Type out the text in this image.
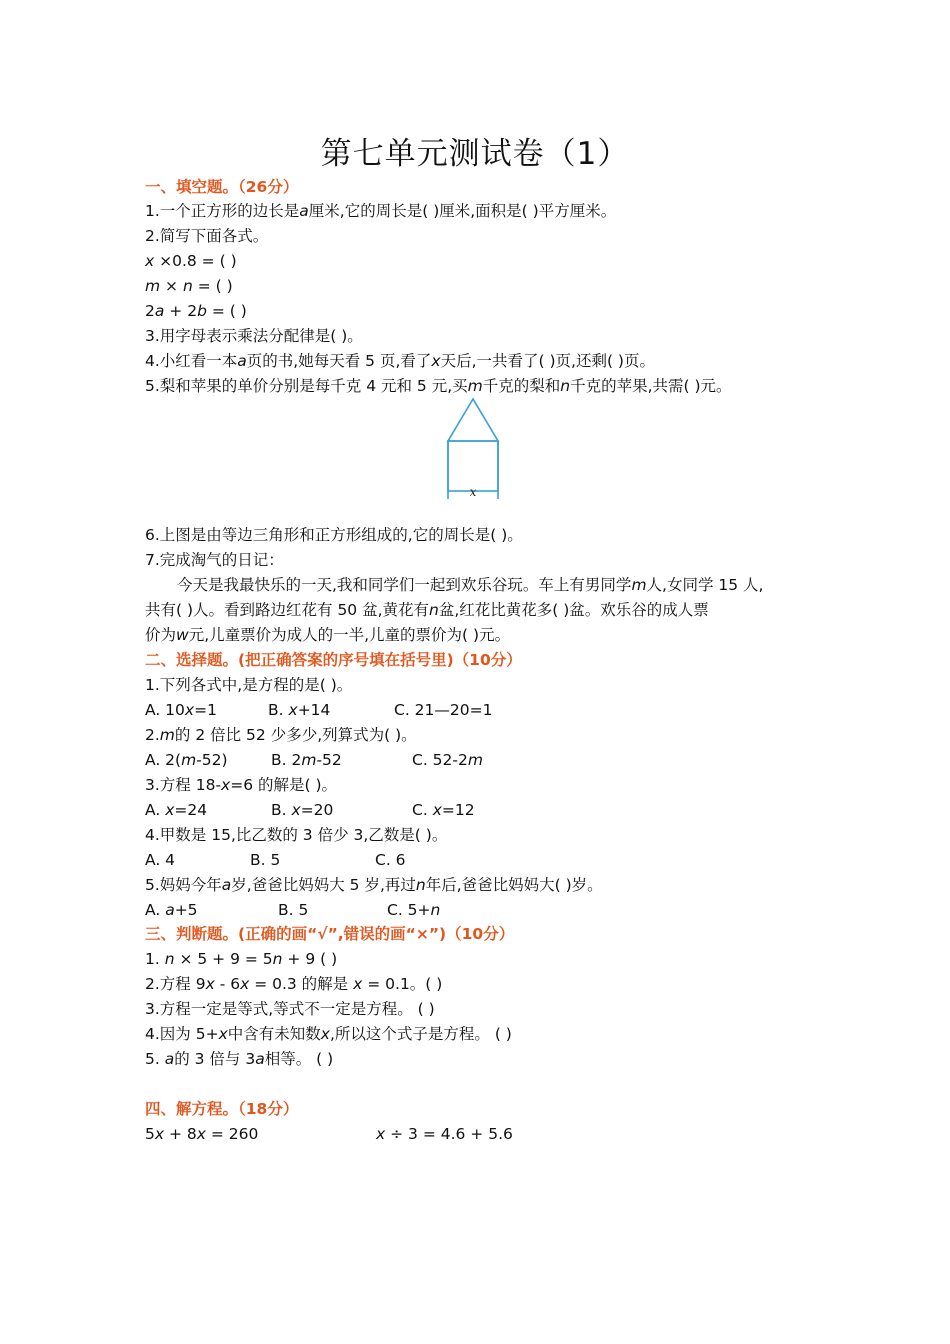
第七单元测试卷（1）
一、填空题。（26分）
1.一个正方形的边长是a厘米,它的周长是( )厘米,面积是( )平方厘米。
2.简写下面各式。
x ×0.8 = ( )
m × n = ( )
2a + 2b = ( )
3.用字母表示乘法分配律是( )。
4.小红看一本a页的书,她每天看 5 页,看了x天后,一共看了( )页,还剩( )页。
5.梨和苹果的单价分别是每千克 4 元和 5 元,买m千克的梨和n千克的苹果,共需( )元。
x
6.上图是由等边三角形和正方形组成的,它的周长是( )。
7.完成淘气的日记：
今天是我最快乐的一天,我和同学们一起到欢乐谷玩。车上有男同学m人,女同学 15 人,
共有( )人。看到路边红花有 50 盆,黄花有n盆,红花比黄花多( )盆。欢乐谷的成人票
价为w元,儿童票价为成人的一半,儿童的票价为( )元。
二、选择题。(把正确答案的序号填在括号里)（10分）
1.下列各式中,是方程的是( )。
A. 10x=1	B. x+14	C. 21—20=1
2.m的 2 倍比 52 少多少,列算式为( )。
A. 2(m-52)	B. 2m-52	C. 52-2m
3.方程 18-x=6 的解是( )。
A. x=24	B. x=20	C. x=12
4.甲数是 15,比乙数的 3 倍少 3,乙数是( )。
A. 4	B. 5	C. 6
5.妈妈今年a岁,爸爸比妈妈大 5 岁,再过n年后,爸爸比妈妈大( )岁。
A. a+5	B. 5	C. 5+n
三、判断题。(正确的画“√”,错误的画“×”)（10分）
1. n × 5 + 9 = 5n + 9 ( )
2.方程 9x - 6x = 0.3 的解是 x = 0.1。( )
3.方程一定是等式,等式不一定是方程。 ( )
4.因为 5+x中含有未知数x,所以这个式子是方程。 ( )
5. a的 3 倍与 3a相等。 ( )
四、解方程。（18分）
5x + 8x = 260	x ÷ 3 = 4.6 + 5.6
